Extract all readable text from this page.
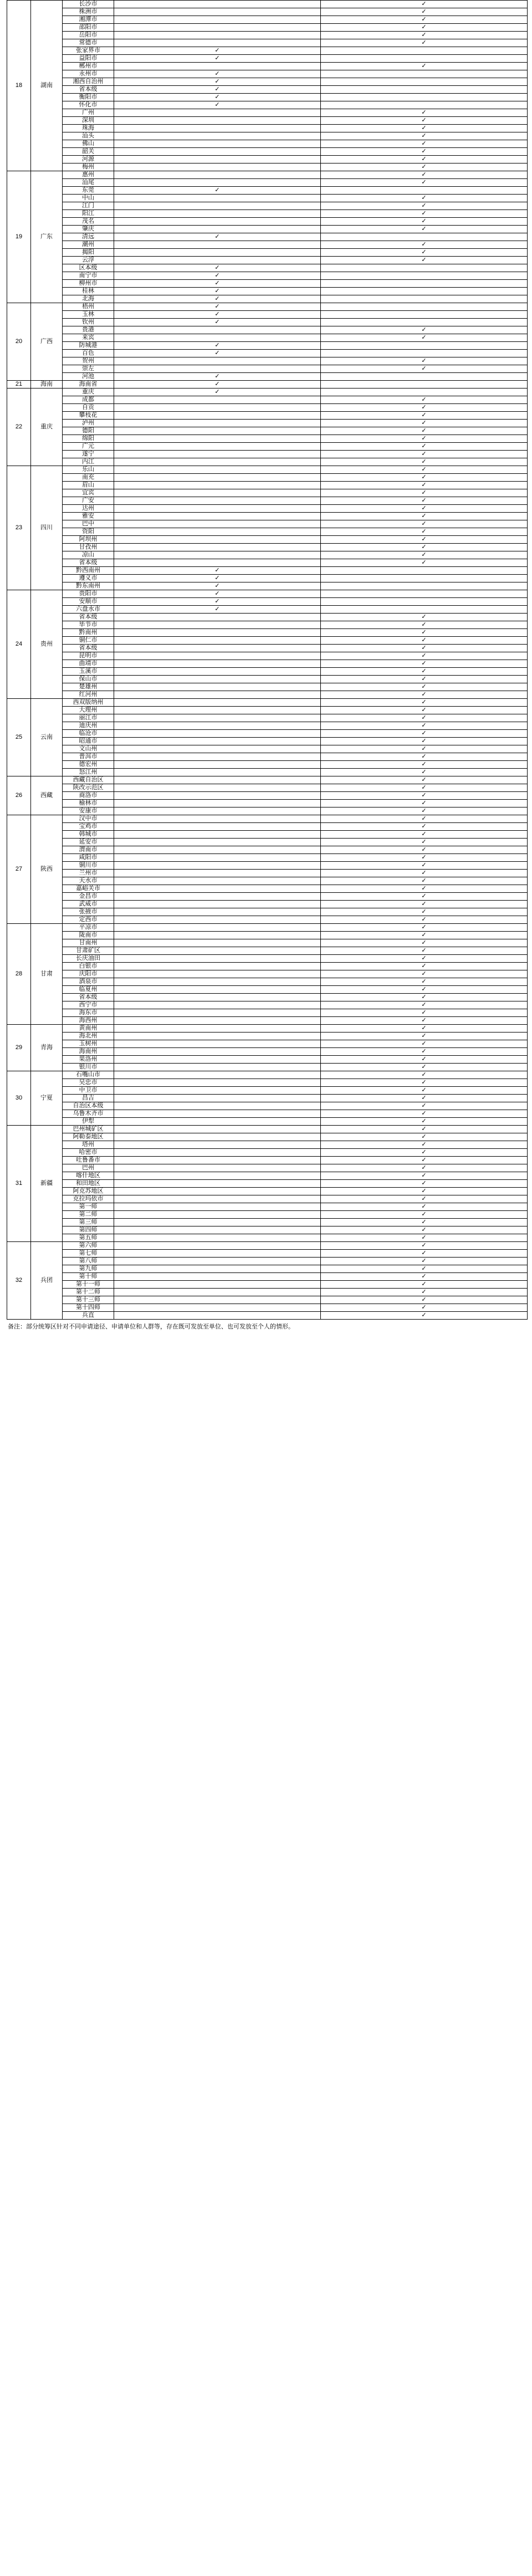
18	湖南	长沙市		✓
		株洲市		✓
		湘潭市		✓
		邵阳市		✓
		岳阳市		✓
		常德市		✓
		张家界市	✓	
		益阳市	✓	
		郴州市		✓
		永州市	✓	
		湘西自治州	✓	
		省本级	✓	
		衡阳市	✓	
		怀化市	✓	
		广州		✓
		深圳		✓
		珠海		✓
		汕头		✓
		佛山		✓
		韶关		✓
		河源		✓
		梅州		✓
19	广东	惠州		✓
		汕尾		✓
		东莞	✓	
		中山		✓
		江门		✓
		阳江		✓
		茂名		✓
		肇庆		✓
		清远	✓	
		潮州		✓
		揭阳		✓
		云浮		✓
		区本级	✓	
		南宁市	✓	
		柳州市	✓	
		桂林	✓	
		北海	✓	
20	广西	梧州	✓	
		玉林	✓	
		钦州	✓	
		贵港		✓
		来宾		✓
		防城港	✓	
		百色	✓	
		贺州		✓
		崇左		✓
		河池	✓	
21	海南	海南省	✓	
22	重庆	重庆	✓	
		成都		✓
		自贡		✓
		攀枝花		✓
		泸州		✓
		德阳		✓
		绵阳		✓
		广元		✓
		遂宁		✓
		内江		✓
23	四川	乐山		✓
		南充		✓
		眉山		✓
		宜宾		✓
		广安		✓
		达州		✓
		雅安		✓
		巴中		✓
		资阳		✓
		阿坝州		✓
		甘孜州		✓
		凉山		✓
		省本级		✓
		黔西南州	✓	
		遵义市	✓	
		黔东南州	✓	
24	贵州	贵阳市	✓	
		安顺市	✓	
		六盘水市	✓	
		省本级		✓
		毕节市		✓
		黔南州		✓
		铜仁市		✓
		省本级		✓
		昆明市		✓
		曲靖市		✓
		玉溪市		✓
		保山市		✓
		楚雄州		✓
		红河州		✓
25	云南	西双版纳州		✓
		大理州		✓
		丽江市		✓
		迪庆州		✓
		临沧市		✓
		昭通市		✓
		文山州		✓
		普洱市		✓
		德宏州		✓
		怒江州		✓
26	西藏	西藏自治区		✓
		陕改示范区		✓
		商洛市		✓
		榆林市		✓
		安康市		✓
27	陕西	汉中市		✓
		宝鸡市		✓
		韩城市		✓
		延安市		✓
		渭南市		✓
		咸阳市		✓
		铜川市		✓
		兰州市		✓
		天水市		✓
		嘉峪关市		✓
		金昌市		✓
		武威市		✓
		张掖市		✓
		定西市		✓
28	甘肃	平凉市		✓
		陇南市		✓
		甘南州		✓
		甘肃矿区		✓
		长庆油田		✓
		白银市		✓
		庆阳市		✓
		酒泉市		✓
		临夏州		✓
		省本级		✓
		西宁市		✓
		海东市		✓
		海西州		✓
29	青海	黄南州		✓
		海北州		✓
		玉树州		✓
		海南州		✓
		果洛州		✓
		银川市		✓
30	宁夏	石嘴山市		✓
		吴忠市		✓
		中卫市		✓
		昌吉		✓
		自治区本级		✓
		乌鲁木齐市		✓
		伊犁		✓
31	新疆	巴州城矿区		✓
		阿勒泰地区		✓
		塔州		✓
		哈密市		✓
		吐鲁番市		✓
		巴州		✓
		喀什地区		✓
		和田地区		✓
		阿克苏地区		✓
		克拉玛依市		✓
		第一师		✓
		第二师		✓
		第三师		✓
		第四师		✓
		第五师		✓
32	兵团	第六师		✓
		第七师		✓
		第八师		✓
		第九师		✓
		第十师		✓
		第十一师		✓
		第十二师		✓
		第十三师		✓
		第十四师		✓
		兵直		✓
备注：部分统筹区针对不同申请途径、申请单位和人群等，存在既可发放至单位、也可发放至个人的情形。
